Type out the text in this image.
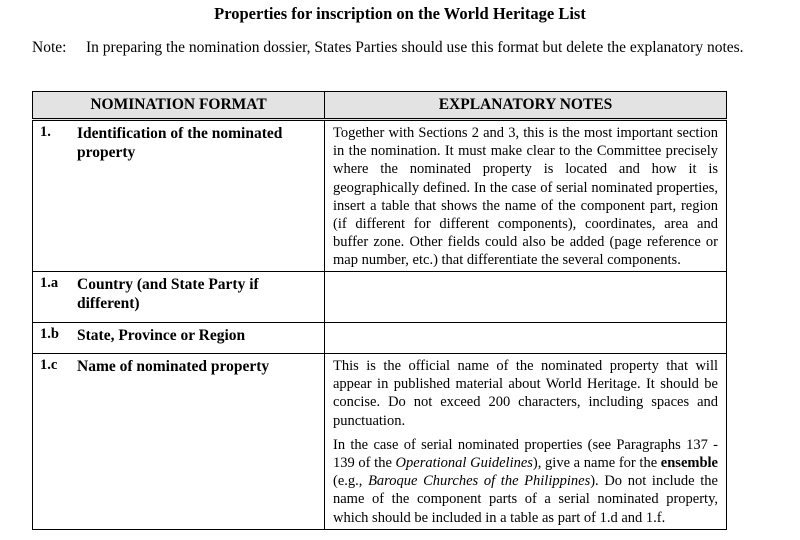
Properties for inscription on the World Heritage List
Note: In preparing the nomination dossier, States Parties should use this format but delete the explanatory notes.
NOMINATION FORMAT	EXPLANATORY NOTES
1. Identification of the nominated property	Together with Sections 2 and 3, this is the most important section in the nomination. It must make clear to the Committee precisely where the nominated property is located and how it is geographically defined. In the case of serial nominated properties, insert a table that shows the name of the component part, region (if different for different components), coordinates, area and buffer zone. Other fields could also be added (page reference or map number, etc.) that differentiate the several components.

1.a Country (and State Party if different)	
1.b State, Province or Region	
1.c Name of nominated property	This is the official name of the nominated property that will appear in published material about World Heritage. It should be concise. Do not exceed 200 characters, including spaces and punctuation.

In the case of serial nominated properties (see Paragraphs 137 - 139 of the Operational Guidelines), give a name for the ensemble (e.g., Baroque Churches of the Philippines). Do not include the name of the component parts of a serial nominated property, which should be included in a table as part of 1.d and 1.f.
